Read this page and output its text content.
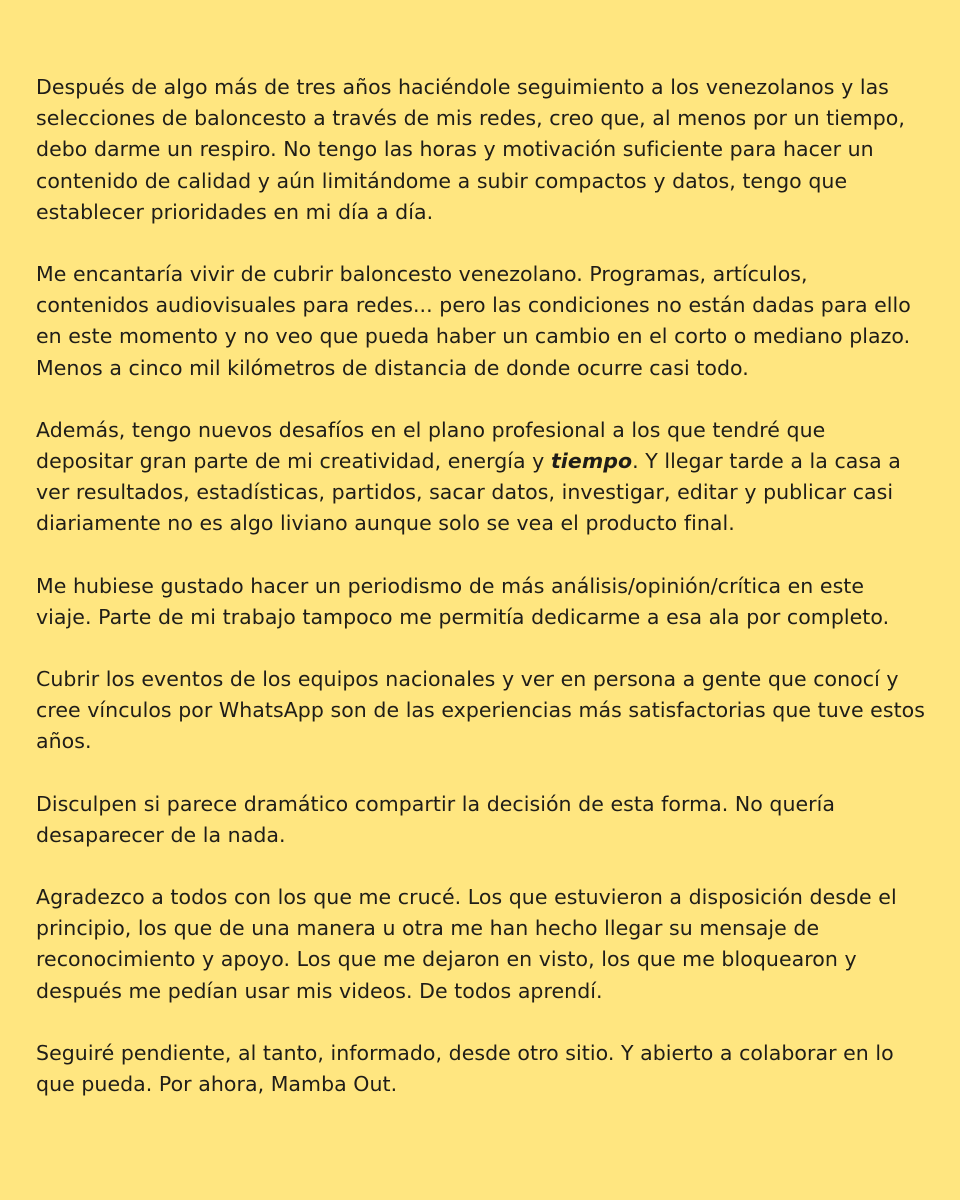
Después de algo más de tres años haciéndole seguimiento a los venezolanos y las selecciones de baloncesto a través de mis redes, creo que, al menos por un tiempo, debo darme un respiro. No tengo las horas y motivación suficiente para hacer un contenido de calidad y aún limitándome a subir compactos y datos, tengo que establecer prioridades en mi día a día.

Me encantaría vivir de cubrir baloncesto venezolano. Programas, artículos, contenidos audiovisuales para redes... pero las condiciones no están dadas para ello en este momento y no veo que pueda haber un cambio en el corto o mediano plazo. Menos a cinco mil kilómetros de distancia de donde ocurre casi todo.

Además, tengo nuevos desafíos en el plano profesional a los que tendré que depositar gran parte de mi creatividad, energía y tiempo. Y llegar tarde a la casa a ver resultados, estadísticas, partidos, sacar datos, investigar, editar y publicar casi diariamente no es algo liviano aunque solo se vea el producto final.

Me hubiese gustado hacer un periodismo de más análisis/opinión/crítica en este viaje. Parte de mi trabajo tampoco me permitía dedicarme a esa ala por completo.

Cubrir los eventos de los equipos nacionales y ver en persona a gente que conocí y cree vínculos por WhatsApp son de las experiencias más satisfactorias que tuve estos años.

Disculpen si parece dramático compartir la decisión de esta forma. No quería desaparecer de la nada.

Agradezco a todos con los que me crucé. Los que estuvieron a disposición desde el principio, los que de una manera u otra me han hecho llegar su mensaje de reconocimiento y apoyo. Los que me dejaron en visto, los que me bloquearon y después me pedían usar mis videos. De todos aprendí.

Seguiré pendiente, al tanto, informado, desde otro sitio. Y abierto a colaborar en lo que pueda. Por ahora, Mamba Out.
